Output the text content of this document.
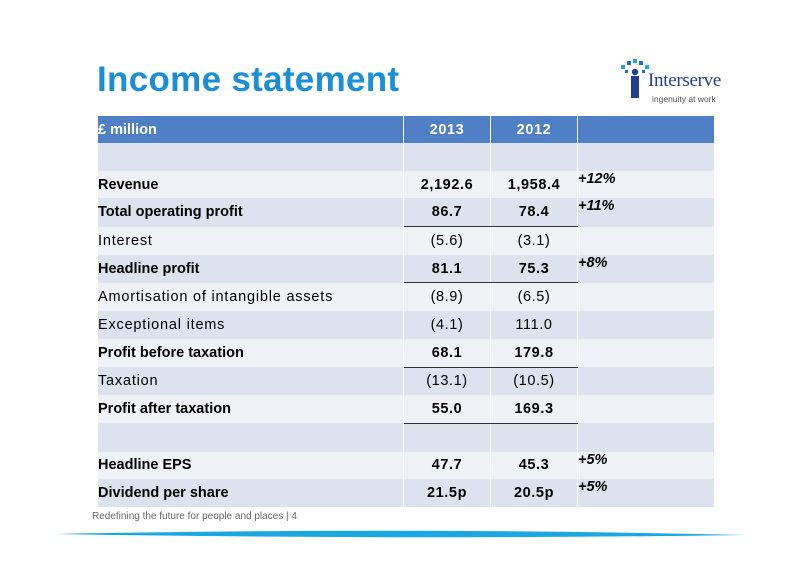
Income statement	Interserve
ingenuity at work
£ million	2013	2012	

Revenue	2,192.6	1,958.4	+12%
Total operating profit	86.7	78.4	+11%
Interest	(5.6)	(3.1)	
Headline profit	81.1	75.3	+8%
Amortisation of intangible assets	(8.9)	(6.5)	
Exceptional items	(4.1)	111.0	
Profit before taxation	68.1	179.8	
Taxation	(13.1)	(10.5)	
Profit after taxation	55.0	169.3	

Headline EPS	47.7	45.3	+5%
Dividend per share	21.5p	20.5p	+5%
Redefining the future for people and places | 4
